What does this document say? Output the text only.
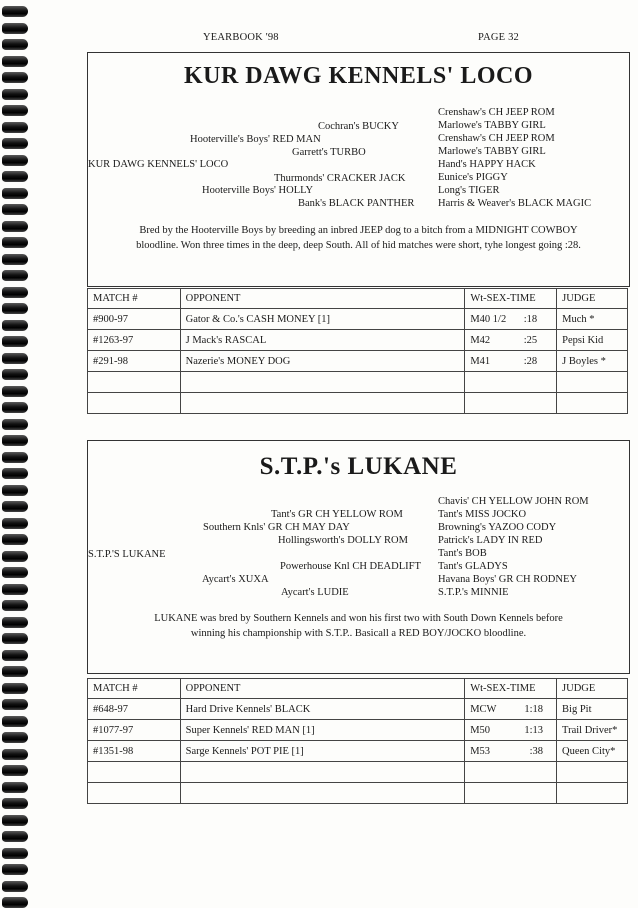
YEARBOOK '98	PAGE 32
KUR DAWG KENNELS' LOCO
Cochran's BUCKY
Hooterville's Boys' RED MAN
Garrett's TURBO
KUR DAWG KENNELS' LOCO
Thurmonds' CRACKER JACK
Hooterville Boys' HOLLY
Bank's BLACK PANTHER
Crenshaw's CH JEEP ROM
Marlowe's TABBY GIRL
Crenshaw's CH JEEP ROM
Marlowe's TABBY GIRL
Hand's HAPPY HACK
Eunice's PIGGY
Long's TIGER
Harris & Weaver's BLACK MAGIC
Bred by the Hooterville Boys by breeding an inbred JEEP dog to a bitch from a MIDNIGHT COWBOY
bloodline. Won three times in the deep, deep South. All of hid matches were short, tyhe longest going :28.
MATCH #	OPPONENT	Wt-SEX-TIME	JUDGE
#900-97	Gator & Co.'s CASH MONEY [1]	M40 1/2 :18	Much *
#1263-97	J Mack's RASCAL	M42 :25	Pepsi Kid
#291-98	Nazerie's MONEY DOG	M41 :28	J Boyles *

S.T.P.'s LUKANE
Tant's GR CH YELLOW ROM
Southern Knls' GR CH MAY DAY
Hollingsworth's DOLLY ROM
S.T.P.'S LUKANE
Powerhouse Knl CH DEADLIFT
Aycart's XUXA
Aycart's LUDIE
Chavis' CH YELLOW JOHN ROM
Tant's MISS JOCKO
Browning's YAZOO CODY
Patrick's LADY IN RED
Tant's BOB
Tant's GLADYS
Havana Boys' GR CH RODNEY
S.T.P.'s MINNIE
LUKANE was bred by Southern Kennels and won his first two with South Down Kennels before
winning his championship with S.T.P.. Basicall a RED BOY/JOCKO bloodline.
MATCH #	OPPONENT	Wt-SEX-TIME	JUDGE
#648-97	Hard Drive Kennels' BLACK	MCW 1:18	Big Pit
#1077-97	Super Kennels' RED MAN [1]	M50 1:13	Trail Driver*
#1351-98	Sarge Kennels' POT PIE [1]	M53 :38	Queen City*
